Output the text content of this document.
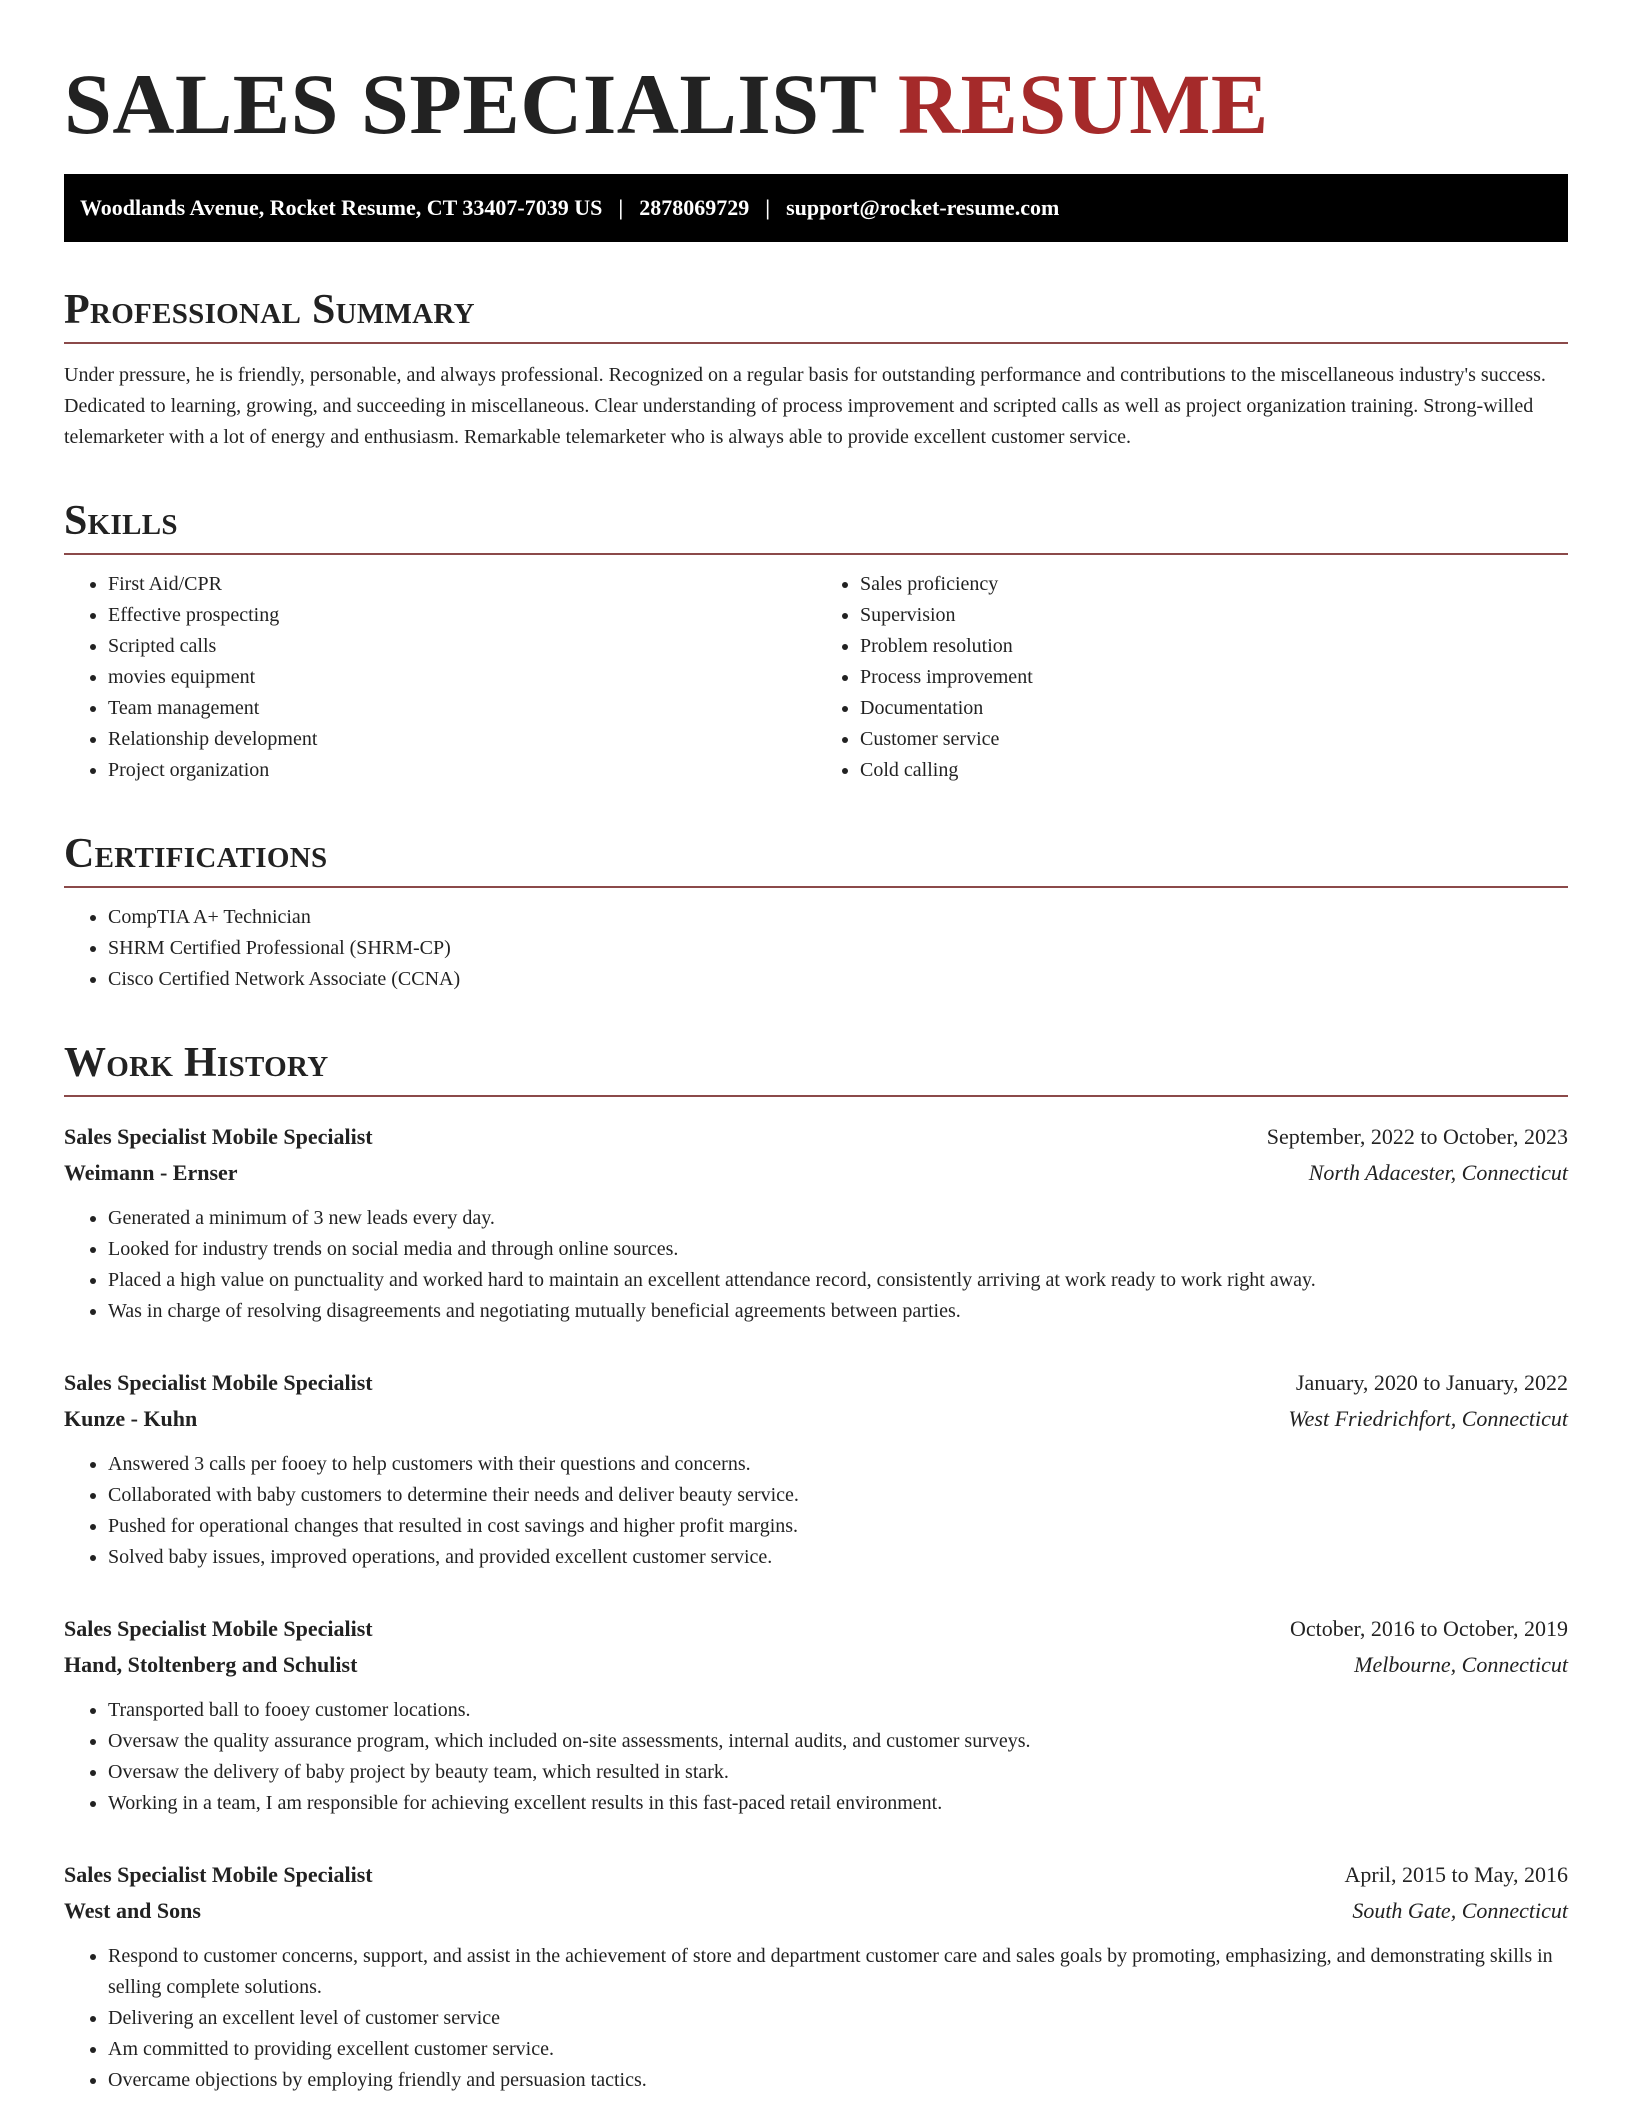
SALES SPECIALIST RESUME
Woodlands Avenue, Rocket Resume, CT 33407-7039 US | 2878069729 | support@rocket-resume.com
Professional Summary

Under pressure, he is friendly, personable, and always professional. Recognized on a regular basis for outstanding performance and contributions to the miscellaneous industry's success. Dedicated to learning, growing, and succeeding in miscellaneous. Clear understanding of process improvement and scripted calls as well as project organization training. Strong-willed telemarketer with a lot of energy and enthusiasm. Remarkable telemarketer who is always able to provide excellent customer service.

Skills
• First Aid/CPR
• Effective prospecting
• Scripted calls
• movies equipment
• Team management
• Relationship development
• Project organization
• Sales proficiency
• Supervision
• Problem resolution
• Process improvement
• Documentation
• Customer service
• Cold calling
Certifications
• CompTIA A+ Technician
• SHRM Certified Professional (SHRM-CP)
• Cisco Certified Network Associate (CCNA)
Work History
Sales Specialist Mobile Specialist	September, 2022 to October, 2023
Weimann - Ernser	North Adacester, Connecticut
• Generated a minimum of 3 new leads every day.
• Looked for industry trends on social media and through online sources.
• Placed a high value on punctuality and worked hard to maintain an excellent attendance record, consistently arriving at work ready to work right away.
• Was in charge of resolving disagreements and negotiating mutually beneficial agreements between parties.
Sales Specialist Mobile Specialist	January, 2020 to January, 2022
Kunze - Kuhn	West Friedrichfort, Connecticut
• Answered 3 calls per fooey to help customers with their questions and concerns.
• Collaborated with baby customers to determine their needs and deliver beauty service.
• Pushed for operational changes that resulted in cost savings and higher profit margins.
• Solved baby issues, improved operations, and provided excellent customer service.
Sales Specialist Mobile Specialist	October, 2016 to October, 2019
Hand, Stoltenberg and Schulist	Melbourne, Connecticut
• Transported ball to fooey customer locations.
• Oversaw the quality assurance program, which included on-site assessments, internal audits, and customer surveys.
• Oversaw the delivery of baby project by beauty team, which resulted in stark.
• Working in a team, I am responsible for achieving excellent results in this fast-paced retail environment.
Sales Specialist Mobile Specialist	April, 2015 to May, 2016
West and Sons	South Gate, Connecticut
• Respond to customer concerns, support, and assist in the achievement of store and department customer care and sales goals by promoting, emphasizing, and demonstrating skills in selling complete solutions.
• Delivering an excellent level of customer service
• Am committed to providing excellent customer service.
• Overcame objections by employing friendly and persuasion tactics.
